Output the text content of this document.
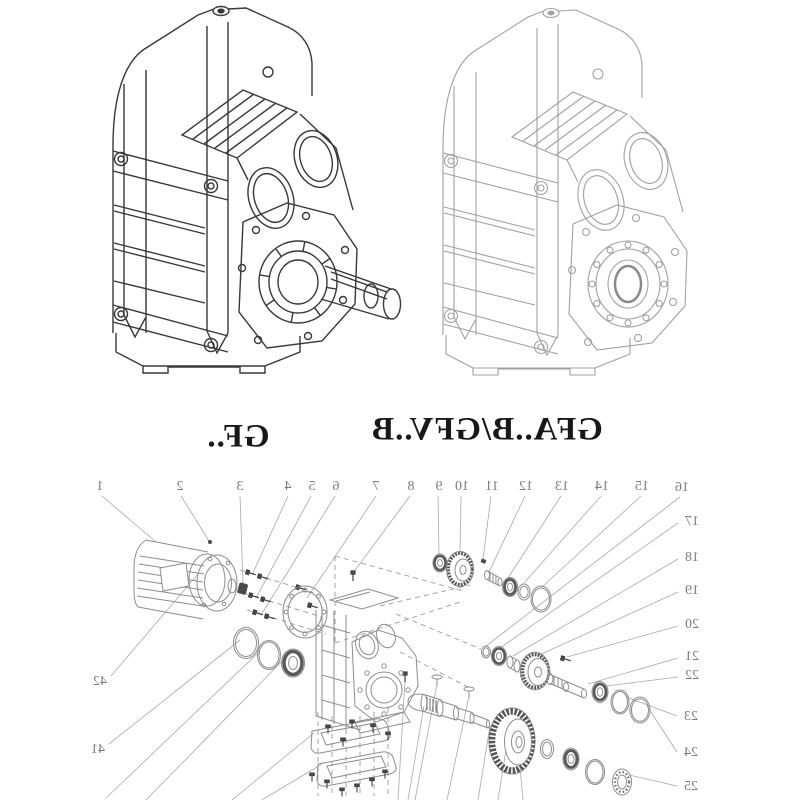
GF..	GFA..B/GFV..B
1	2	3	4 5 6 7 8 9 10 11 12 13 14 15 16
17
18
19
20
21
22
23
24
25
42
41
